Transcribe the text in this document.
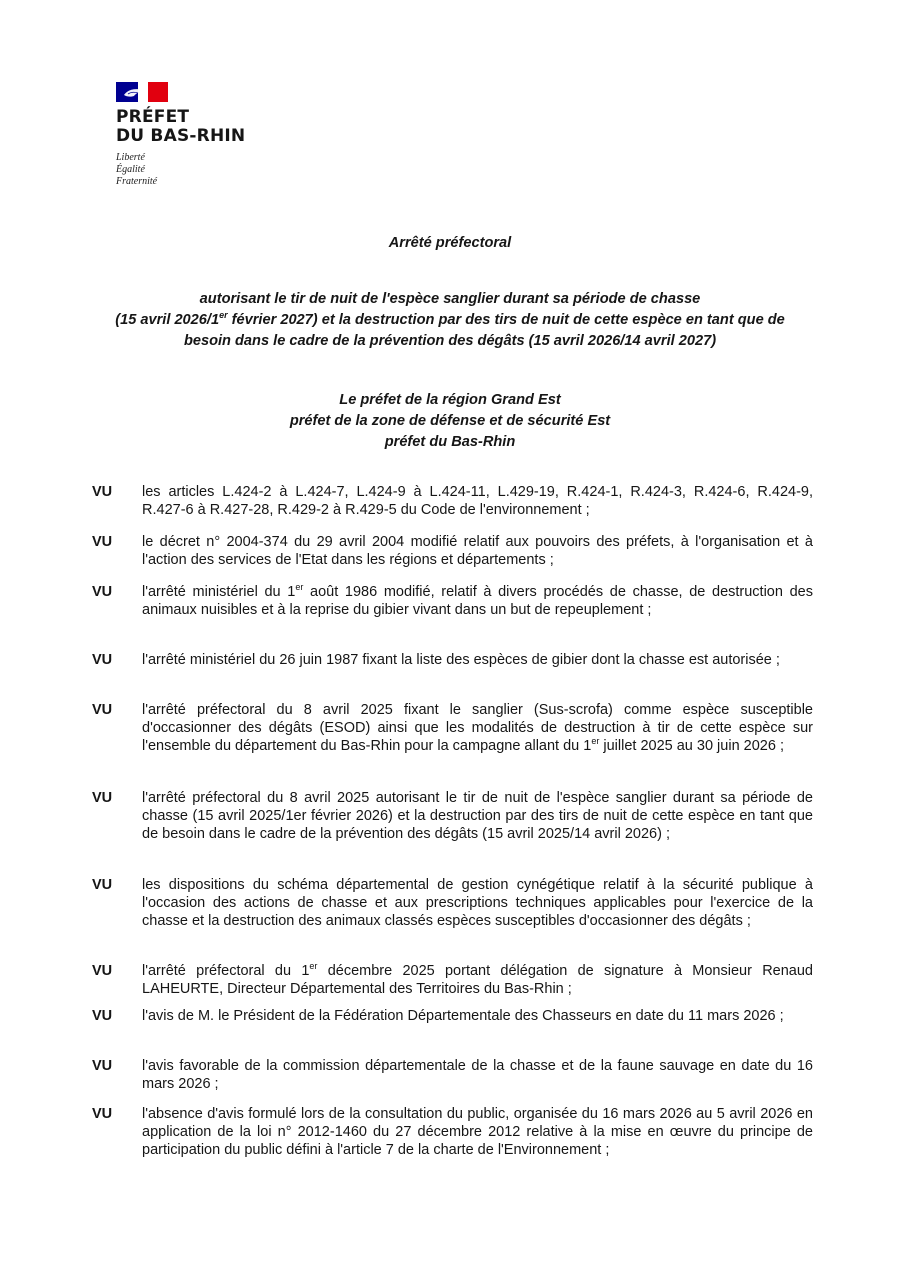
PRÉFET
DU BAS-RHIN
Liberté
Égalité
Fraternité
Arrêté préfectoral
autorisant le tir de nuit de l'espèce sanglier durant sa période de chasse
(15 avril 2026/1er février 2027) et la destruction par des tirs de nuit de cette espèce en tant que de
besoin dans le cadre de la prévention des dégâts (15 avril 2026/14 avril 2027)
Le préfet de la région Grand Est
préfet de la zone de défense et de sécurité Est
préfet du Bas-Rhin
VU	les articles L.424-2 à L.424-7, L.424-9 à L.424-11, L.429-19, R.424-1, R.424-3, R.424-6, R.424-9, R.427-6 à R.427-28, R.429-2 à R.429-5 du Code de l'environnement ;
VU	le décret n° 2004-374 du 29 avril 2004 modifié relatif aux pouvoirs des préfets, à l'organisation et à l'action des services de l'Etat dans les régions et départements ;
VU	l'arrêté ministériel du 1er août 1986 modifié, relatif à divers procédés de chasse, de destruction des animaux nuisibles et à la reprise du gibier vivant dans un but de repeuplement ;
VU	l'arrêté ministériel du 26 juin 1987 fixant la liste des espèces de gibier dont la chasse est autorisée ;
VU	l'arrêté préfectoral du 8 avril 2025 fixant le sanglier (Sus-scrofa) comme espèce susceptible d'occasionner des dégâts (ESOD) ainsi que les modalités de destruction à tir de cette espèce sur l'ensemble du département du Bas-Rhin pour la campagne allant du 1er juillet 2025 au 30 juin 2026 ;
VU	l'arrêté préfectoral du 8 avril 2025 autorisant le tir de nuit de l'espèce sanglier durant sa période de chasse (15 avril 2025/1er février 2026) et la destruction par des tirs de nuit de cette espèce en tant que de besoin dans le cadre de la prévention des dégâts (15 avril 2025/14 avril 2026) ;
VU	les dispositions du schéma départemental de gestion cynégétique relatif à la sécurité publique à l'occasion des actions de chasse et aux prescriptions techniques applicables pour l'exercice de la chasse et la destruction des animaux classés espèces susceptibles d'occasionner des dégâts ;
VU	l'arrêté préfectoral du 1er décembre 2025 portant délégation de signature à Monsieur Renaud LAHEURTE, Directeur Départemental des Territoires du Bas-Rhin ;
VU	l'avis de M. le Président de la Fédération Départementale des Chasseurs en date du 11 mars 2026 ;
VU	l'avis favorable de la commission départementale de la chasse et de la faune sauvage en date du 16 mars 2026 ;
VU	l'absence d'avis formulé lors de la consultation du public, organisée du 16 mars 2026 au 5 avril 2026 en application de la loi n° 2012-1460 du 27 décembre 2012 relative à la mise en œuvre du principe de participation du public défini à l'article 7 de la charte de l'Environnement ;
